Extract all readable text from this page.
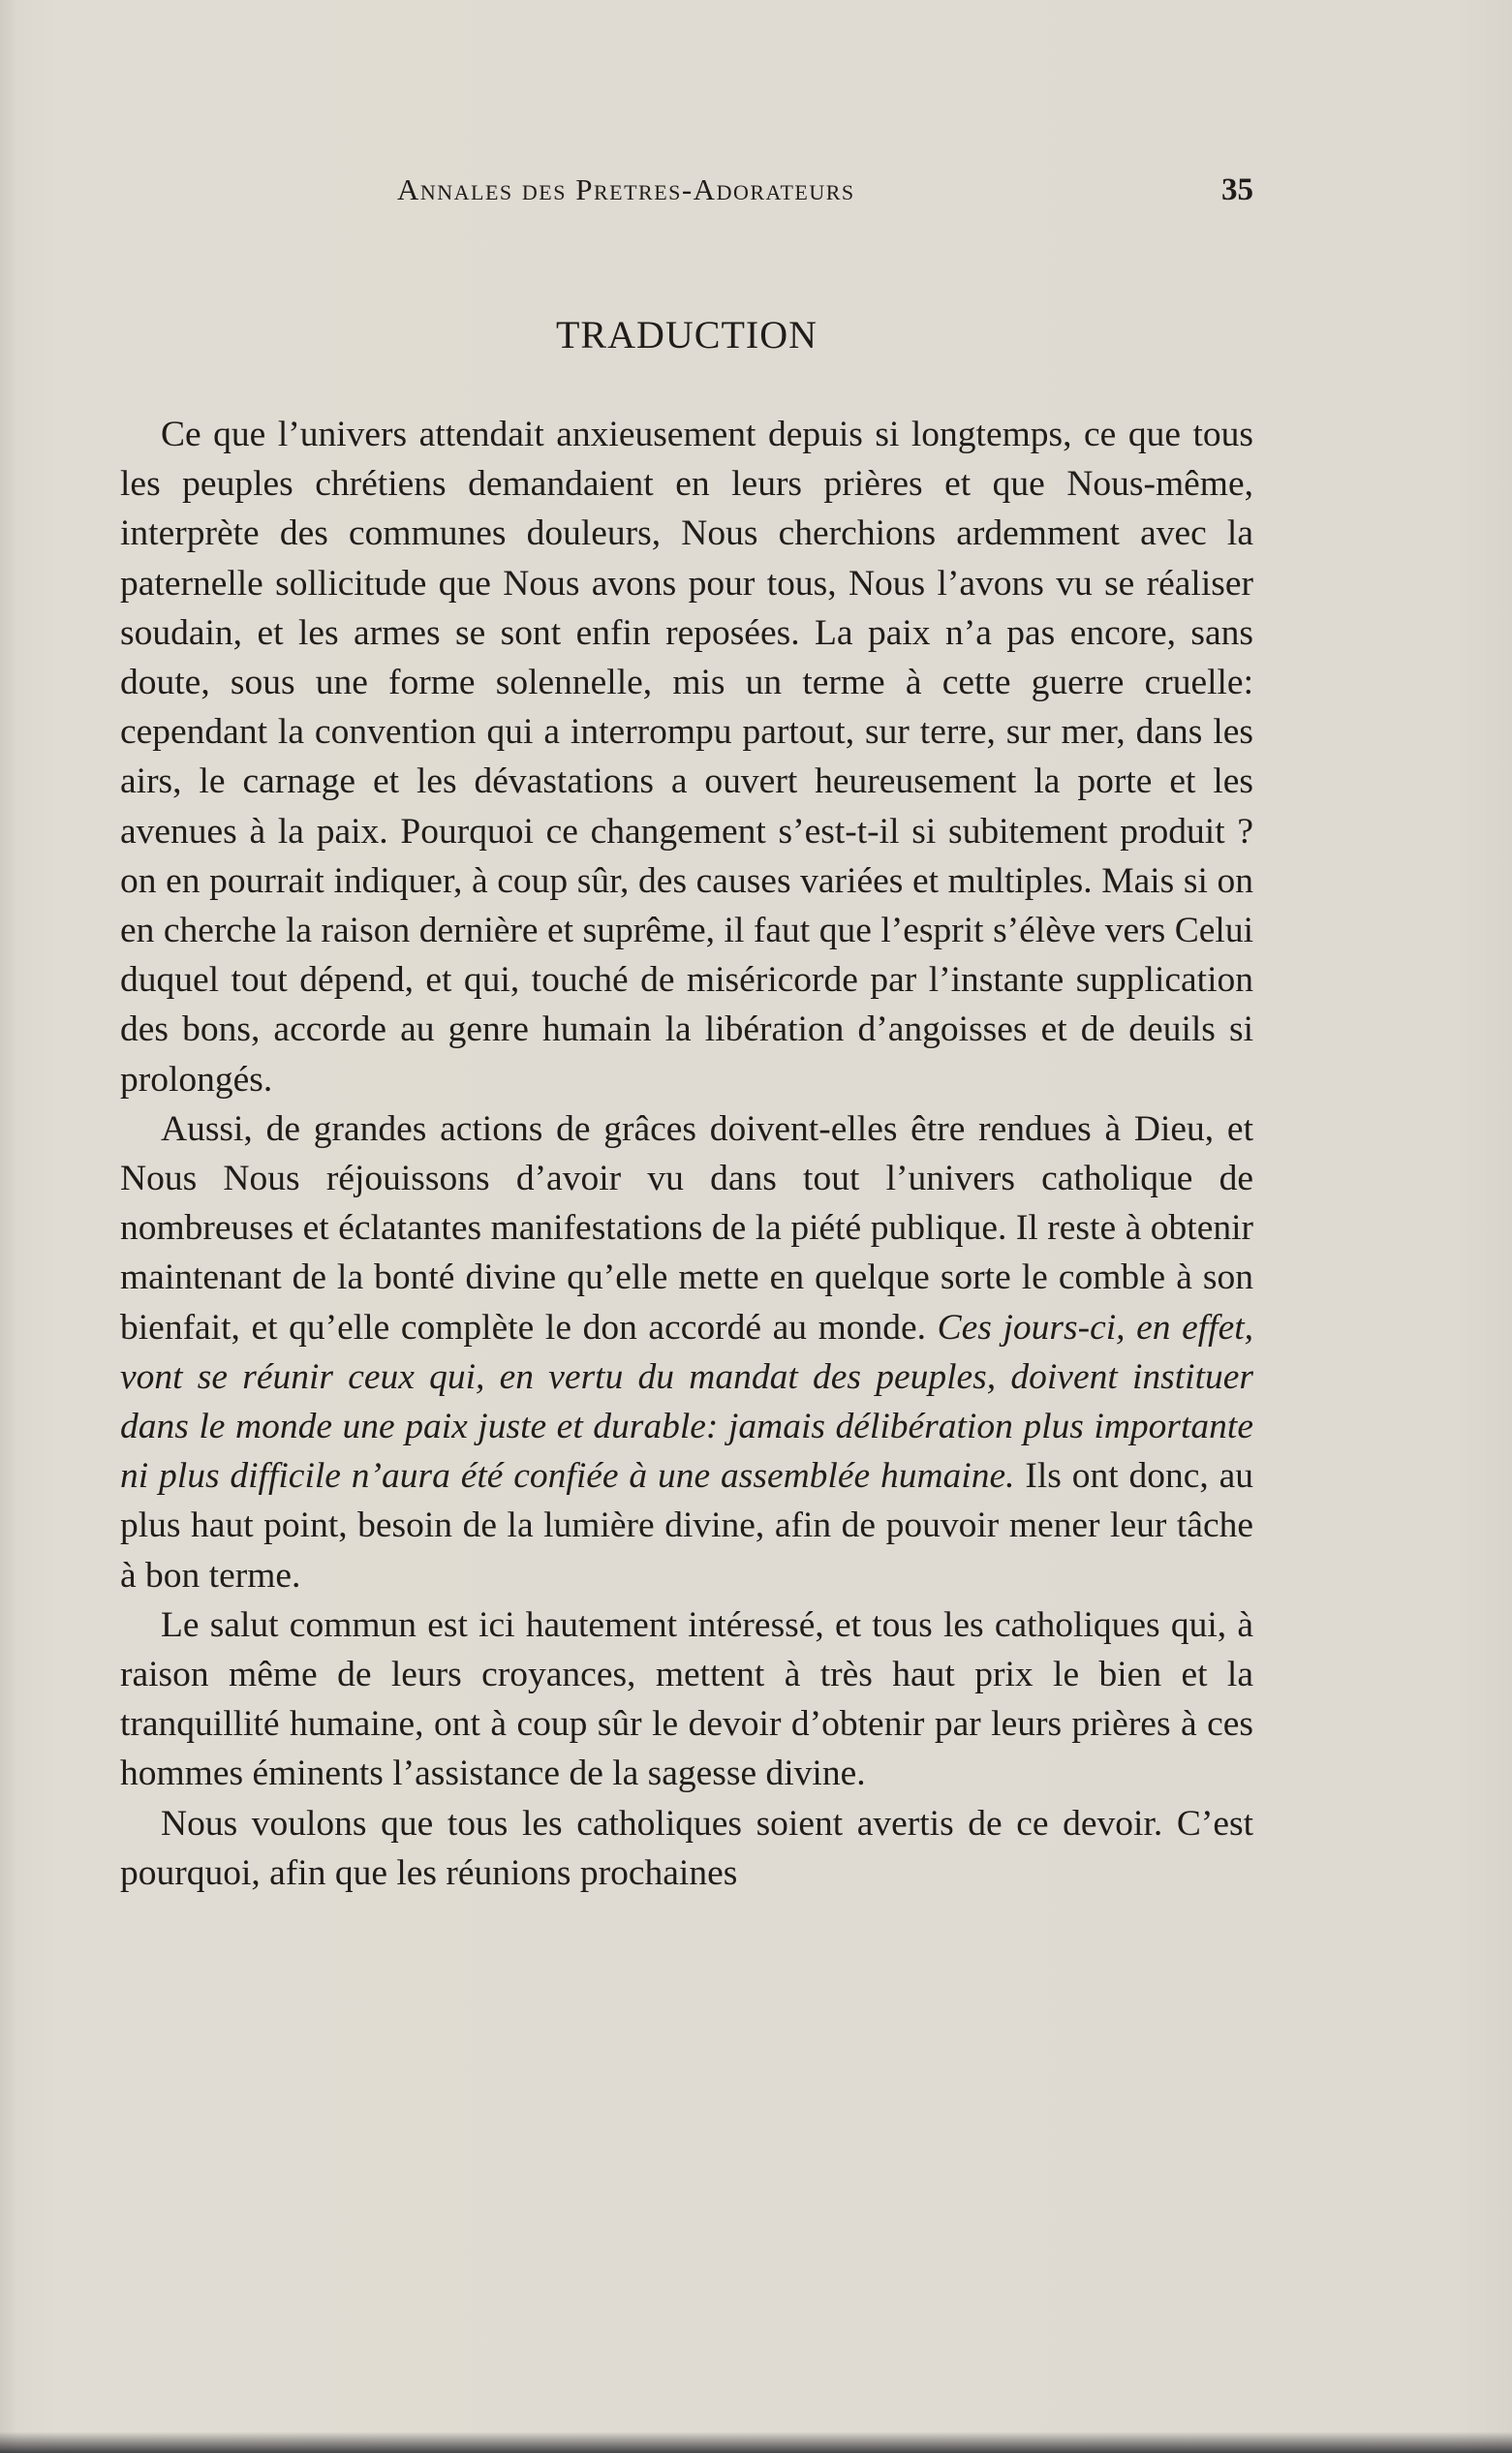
Annales des Pretres-Adorateurs	35
TRADUCTION

Ce que l’univers attendait anxieusement depuis si longtemps, ce que tous les peuples chrétiens demandaient en leurs prières et que Nous-même, interprète des communes douleurs, Nous cherchions ardemment avec la paternelle sollicitude que Nous avons pour tous, Nous l’avons vu se réaliser soudain, et les armes se sont enfin reposées. La paix n’a pas encore, sans doute, sous une forme solennelle, mis un terme à cette guerre cruelle: cependant la convention qui a interrompu partout, sur terre, sur mer, dans les airs, le carnage et les dévastations a ouvert heureusement la porte et les avenues à la paix. Pourquoi ce changement s’est-t-il si subitement produit ? on en pourrait indiquer, à coup sûr, des causes variées et multiples. Mais si on en cherche la raison dernière et suprême, il faut que l’esprit s’élève vers Celui duquel tout dépend, et qui, touché de miséricorde par l’instante supplication des bons, accorde au genre humain la libération d’angoisses et de deuils si prolongés.

Aussi, de grandes actions de grâces doivent-elles être rendues à Dieu, et Nous Nous réjouissons d’avoir vu dans tout l’univers catholique de nombreuses et éclatantes manifestations de la piété publique. Il reste à obtenir maintenant de la bonté divine qu’elle mette en quelque sorte le comble à son bienfait, et qu’elle complète le don accordé au monde. Ces jours-ci, en effet, vont se réunir ceux qui, en vertu du mandat des peuples, doivent instituer dans le monde une paix juste et durable: jamais délibération plus importante ni plus difficile n’aura été confiée à une assemblée humaine. Ils ont donc, au plus haut point, besoin de la lumière divine, afin de pouvoir mener leur tâche à bon terme.

Le salut commun est ici hautement intéressé, et tous les catholiques qui, à raison même de leurs croyances, mettent à très haut prix le bien et la tranquillité humaine, ont à coup sûr le devoir d’obtenir par leurs prières à ces hommes éminents l’assistance de la sagesse divine.

Nous voulons que tous les catholiques soient avertis de ce devoir. C’est pourquoi, afin que les réunions prochaines
